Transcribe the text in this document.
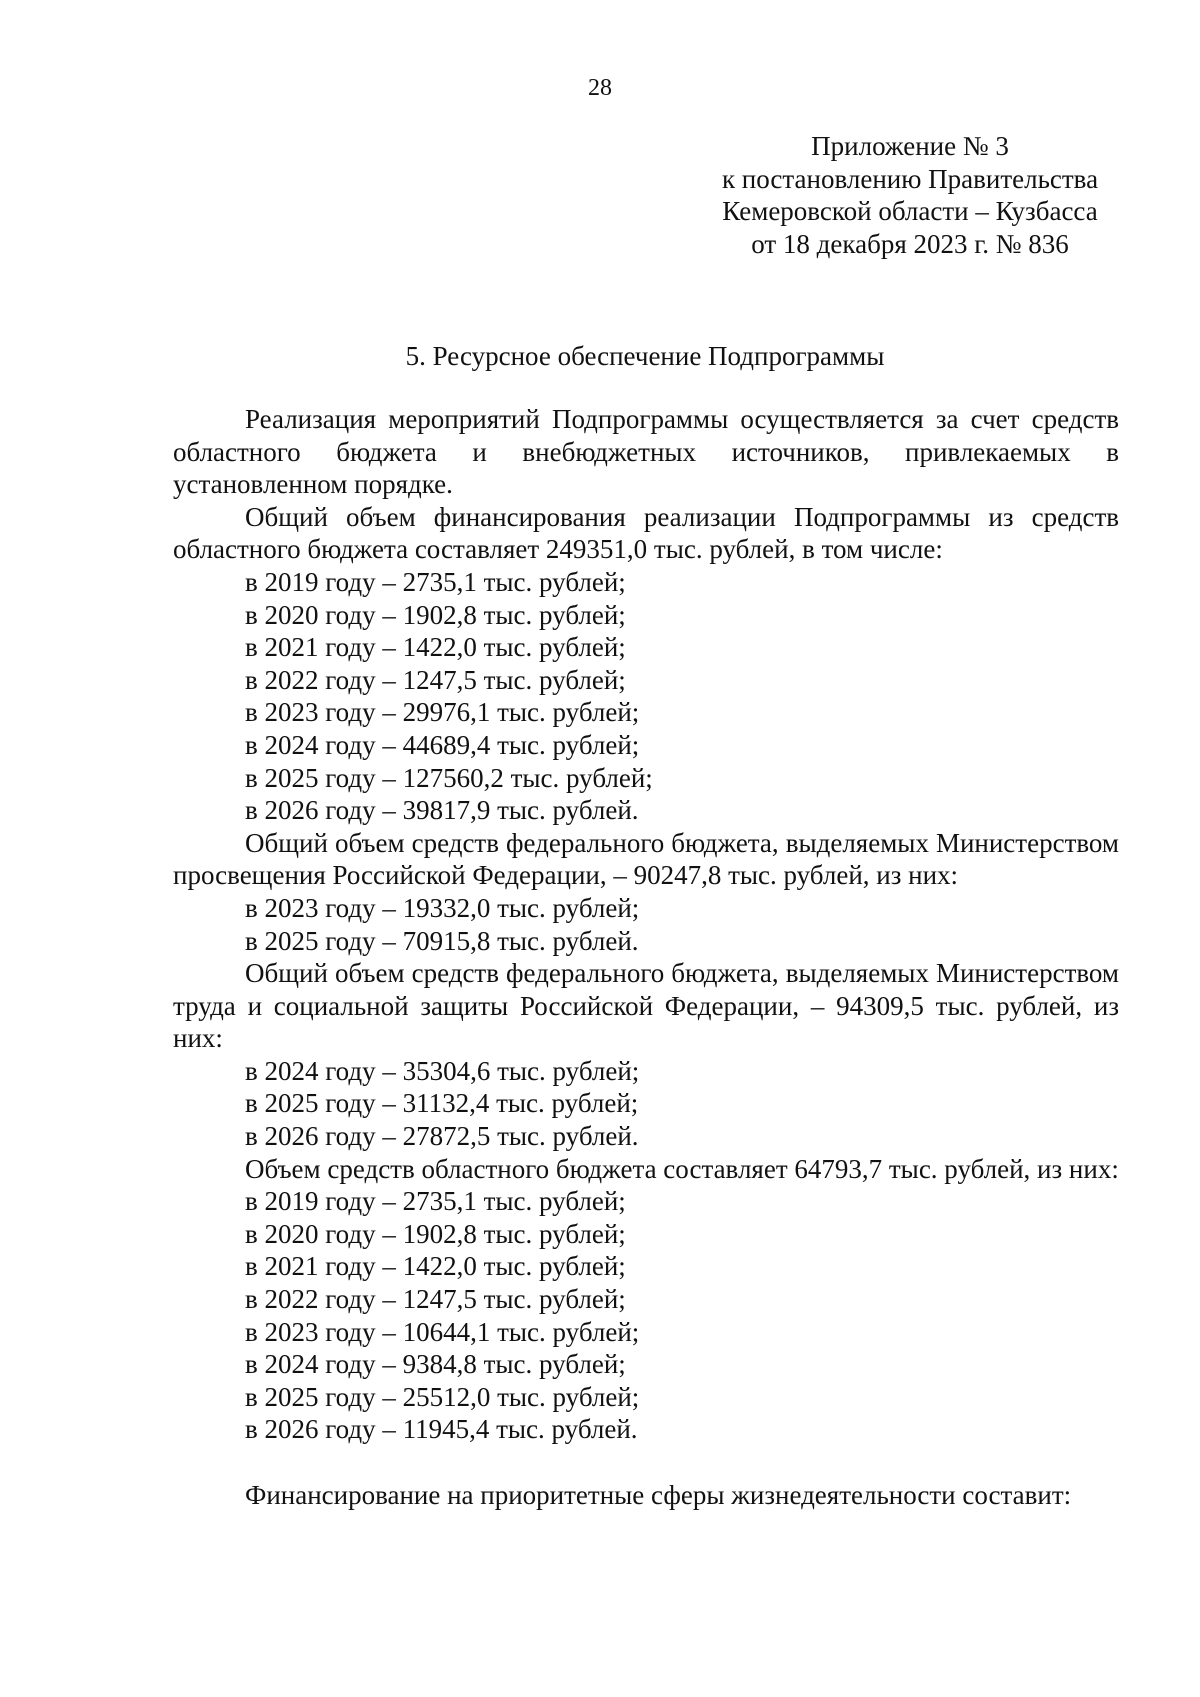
28
Приложение № 3
к постановлению Правительства
Кемеровской области – Кузбасса
от 18 декабря 2023 г. № 836
5. Ресурсное обеспечение Подпрограммы

Реализация мероприятий Подпрограммы осуществляется за счет средств областного бюджета и внебюджетных источников, привлекаемых в установленном порядке.

Общий объем финансирования реализации Подпрограммы из средств областного бюджета составляет 249351,0 тыс. рублей, в том числе:

в 2019 году – 2735,1 тыс. рублей;

в 2020 году – 1902,8 тыс. рублей;

в 2021 году – 1422,0 тыс. рублей;

в 2022 году – 1247,5 тыс. рублей;

в 2023 году – 29976,1 тыс. рублей;

в 2024 году – 44689,4 тыс. рублей;

в 2025 году – 127560,2 тыс. рублей;

в 2026 году – 39817,9 тыс. рублей.

Общий объем средств федерального бюджета, выделяемых Министерством просвещения Российской Федерации, – 90247,8 тыс. рублей, из них:

в 2023 году – 19332,0 тыс. рублей;

в 2025 году – 70915,8 тыс. рублей.

Общий объем средств федерального бюджета, выделяемых Министерством труда и социальной защиты Российской Федерации, – 94309,5 тыс. рублей, из них:

в 2024 году – 35304,6 тыс. рублей;

в 2025 году – 31132,4 тыс. рублей;

в 2026 году – 27872,5 тыс. рублей.

Объем средств областного бюджета составляет 64793,7 тыс. рублей, из них:

в 2019 году – 2735,1 тыс. рублей;

в 2020 году – 1902,8 тыс. рублей;

в 2021 году – 1422,0 тыс. рублей;

в 2022 году – 1247,5 тыс. рублей;

в 2023 году – 10644,1 тыс. рублей;

в 2024 году – 9384,8 тыс. рублей;

в 2025 году – 25512,0 тыс. рублей;

в 2026 году – 11945,4 тыс. рублей.

Финансирование на приоритетные сферы жизнедеятельности составит:
